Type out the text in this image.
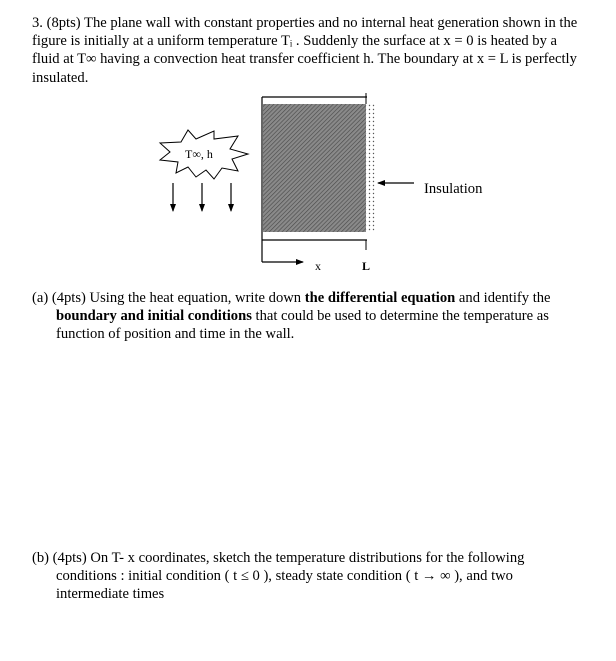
3. (8pts) The plane wall with constant properties and no internal heat generation shown in the
figure is initially at a uniform temperature Tᵢ . Suddenly the surface at x = 0 is heated by a
fluid at T∞ having a convection heat transfer coefficient h. The boundary at x = L is perfectly
insulated.

Insulation
x	L
T∞, h

(a) (4pts) Using the heat equation, write down the differential equation and identify the
boundary and initial conditions that could be used to determine the temperature as
function of position and time in the wall.

(b) (4pts) On T- x coordinates, sketch the temperature distributions for the following
conditions : initial condition ( t ≤ 0 ), steady state condition ( t → ∞ ), and two
intermediate times
